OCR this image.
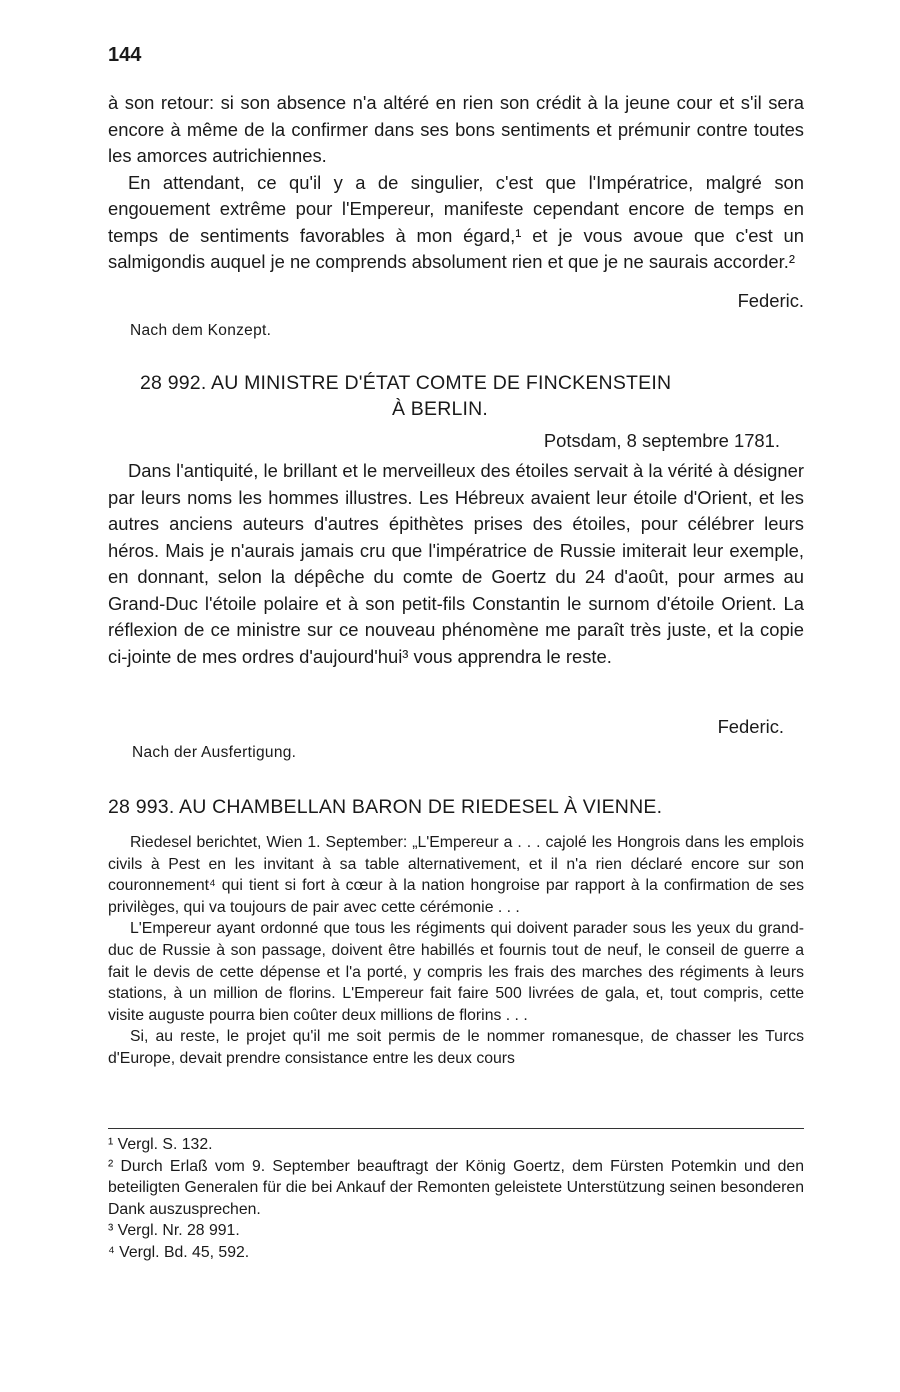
144

à son retour: si son absence n'a altéré en rien son crédit à la jeune cour et s'il sera encore à même de la confirmer dans ses bons sentiments et prémunir contre toutes les amorces autrichiennes.

En attendant, ce qu'il y a de singulier, c'est que l'Impératrice, malgré son engouement extrême pour l'Empereur, manifeste cependant encore de temps en temps de sentiments favorables à mon égard,¹ et je vous avoue que c'est un salmigondis auquel je ne comprends absolument rien et que je ne saurais accorder.²

Federic.
Nach dem Konzept.
28 992. AU MINISTRE D'ÉTAT COMTE DE FINCKENSTEIN
À BERLIN.
Potsdam, 8 septembre 1781.

Dans l'antiquité, le brillant et le merveilleux des étoiles servait à la vérité à désigner par leurs noms les hommes illustres. Les Hébreux avaient leur étoile d'Orient, et les autres anciens auteurs d'autres épithètes prises des étoiles, pour célébrer leurs héros. Mais je n'aurais jamais cru que l'impératrice de Russie imiterait leur exemple, en donnant, selon la dépêche du comte de Goertz du 24 d'août, pour armes au Grand-Duc l'étoile polaire et à son petit-fils Constantin le surnom d'étoile Orient. La réflexion de ce ministre sur ce nouveau phénomène me paraît très juste, et la copie ci-jointe de mes ordres d'aujourd'hui³ vous apprendra le reste.

Federic.
Nach der Ausfertigung.
28 993. AU CHAMBELLAN BARON DE RIEDESEL À VIENNE.

Riedesel berichtet, Wien 1. September: „L'Empereur a . . . cajolé les Hongrois dans les emplois civils à Pest en les invitant à sa table alternativement, et il n'a rien déclaré encore sur son couronnement⁴ qui tient si fort à cœur à la nation hongroise par rapport à la confirmation de ses privilèges, qui va toujours de pair avec cette cérémonie . . .

L'Empereur ayant ordonné que tous les régiments qui doivent parader sous les yeux du grand-duc de Russie à son passage, doivent être habillés et fournis tout de neuf, le conseil de guerre a fait le devis de cette dépense et l'a porté, y compris les frais des marches des régiments à leurs stations, à un million de florins. L'Empereur fait faire 500 livrées de gala, et, tout compris, cette visite auguste pourra bien coûter deux millions de florins . . .

Si, au reste, le projet qu'il me soit permis de le nommer romanesque, de chasser les Turcs d'Europe, devait prendre consistance entre les deux cours

¹ Vergl. S. 132.

² Durch Erlaß vom 9. September beauftragt der König Goertz, dem Fürsten Potemkin und den beteiligten Generalen für die bei Ankauf der Remonten geleistete Unterstützung seinen besonderen Dank auszusprechen.

³ Vergl. Nr. 28 991.

⁴ Vergl. Bd. 45, 592.
